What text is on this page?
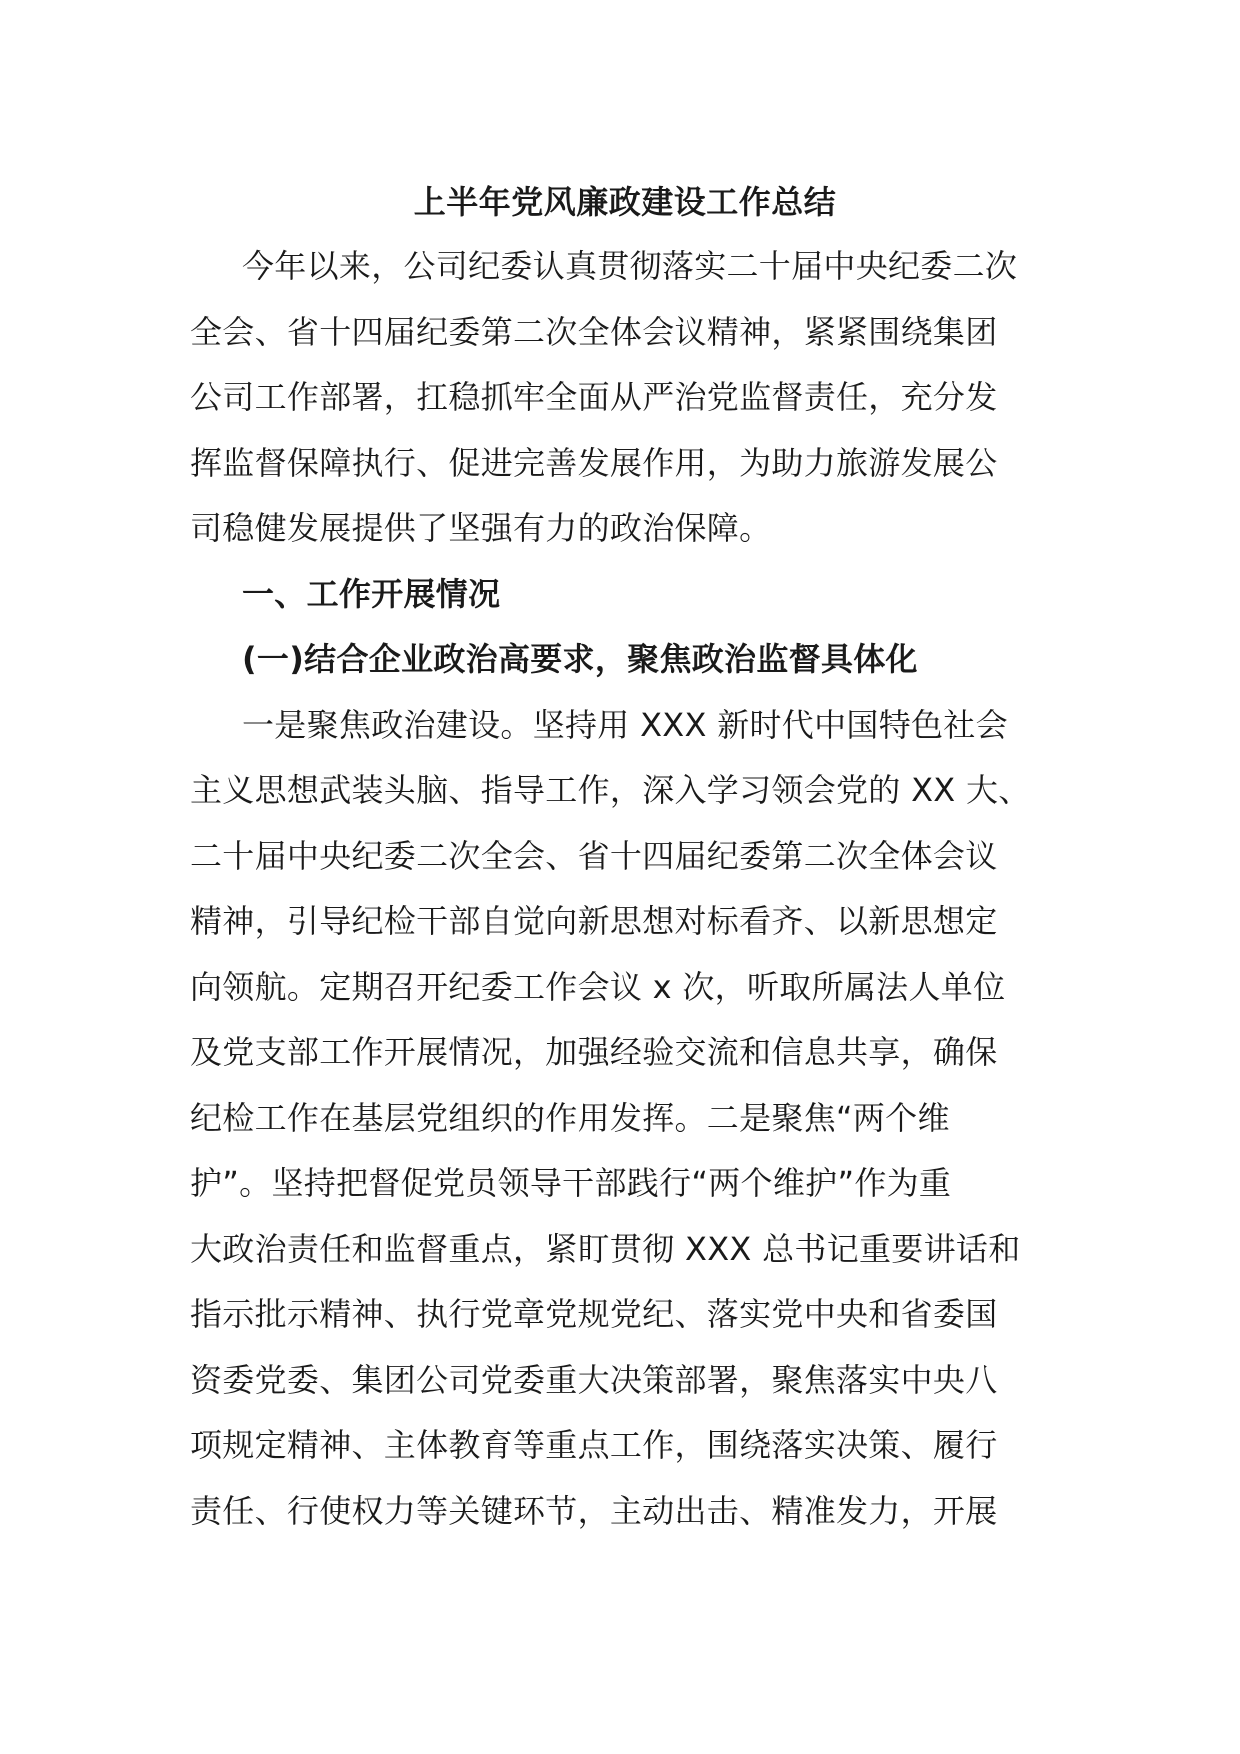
上半年党风廉政建设工作总结
今年以来，公司纪委认真贯彻落实二十届中央纪委二次
全会、省十四届纪委第二次全体会议精神，紧紧围绕集团
公司工作部署，扛稳抓牢全面从严治党监督责任，充分发
挥监督保障执行、促进完善发展作用，为助力旅游发展公
司稳健发展提供了坚强有力的政治保障。
一、工作开展情况
(一)结合企业政治高要求，聚焦政治监督具体化
一是聚焦政治建设。坚持用 XXX 新时代中国特色社会
主义思想武装头脑、指导工作，深入学习领会党的 XX 大、
二十届中央纪委二次全会、省十四届纪委第二次全体会议
精神，引导纪检干部自觉向新思想对标看齐、以新思想定
向领航。定期召开纪委工作会议 x 次，听取所属法人单位
及党支部工作开展情况，加强经验交流和信息共享，确保
纪检工作在基层党组织的作用发挥。二是聚焦“两个维
护”。坚持把督促党员领导干部践行“两个维护”作为重
大政治责任和监督重点，紧盯贯彻 XXX 总书记重要讲话和
指示批示精神、执行党章党规党纪、落实党中央和省委国
资委党委、集团公司党委重大决策部署，聚焦落实中央八
项规定精神、主体教育等重点工作，围绕落实决策、履行
责任、行使权力等关键环节，主动出击、精准发力，开展
